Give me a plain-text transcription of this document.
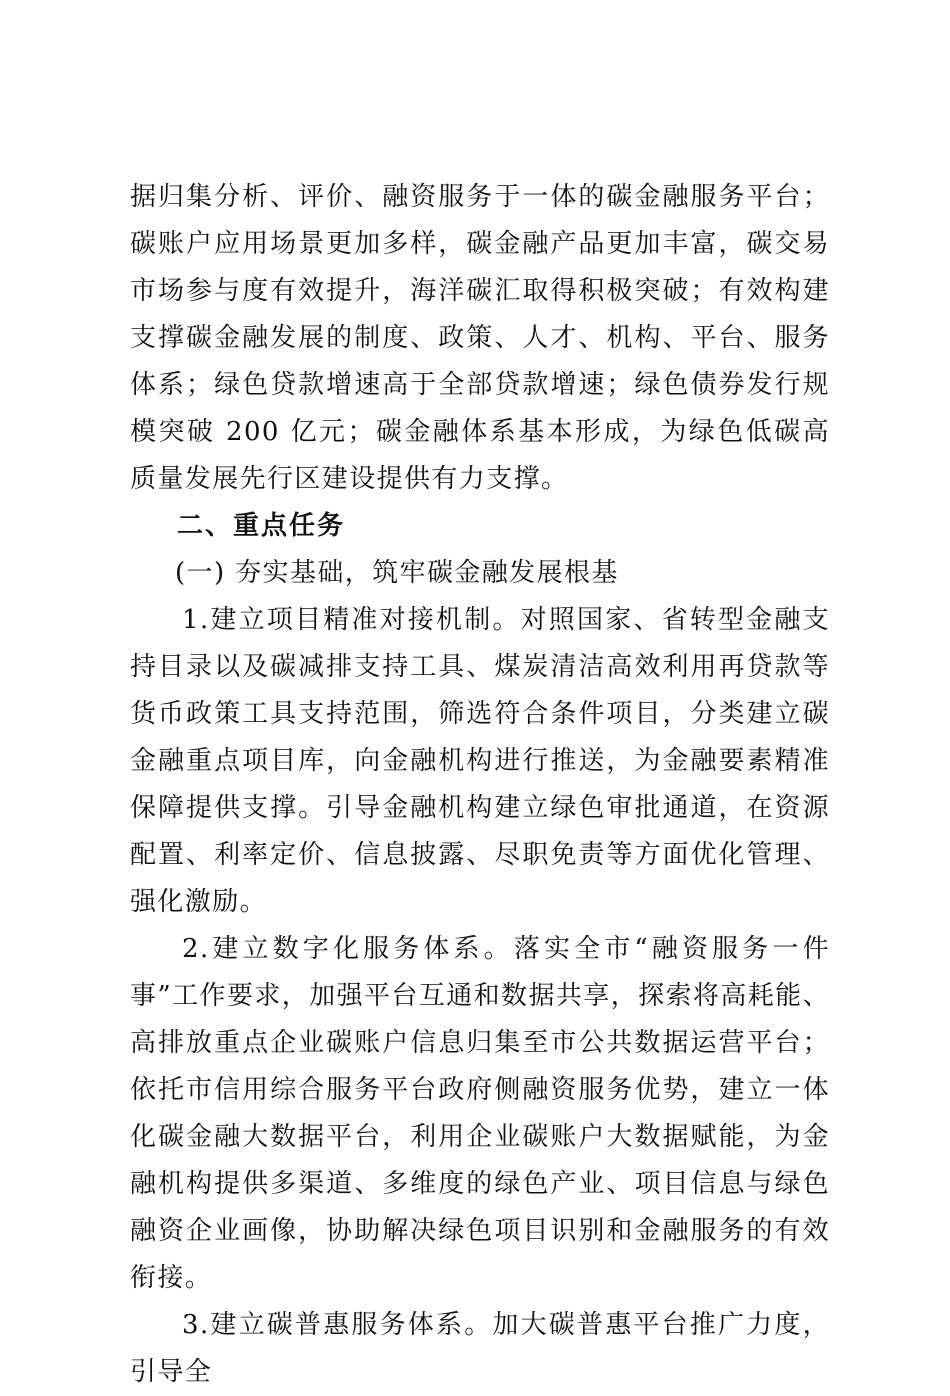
据归集分析、评价、融资服务于一体的碳金融服务平台；碳账户应用场景更加多样，碳金融产品更加丰富，碳交易市场参与度有效提升，海洋碳汇取得积极突破；有效构建支撑碳金融发展的制度、政策、人才、机构、平台、服务体系；绿色贷款增速高于全部贷款增速；绿色债券发行规模突破 200 亿元；碳金融体系基本形成，为绿色低碳高质量发展先行区建设提供有力支撑。

二、重点任务

(一) 夯实基础，筑牢碳金融发展根基

1.建立项目精准对接机制。对照国家、省转型金融支持目录以及碳减排支持工具、煤炭清洁高效利用再贷款等货币政策工具支持范围，筛选符合条件项目，分类建立碳金融重点项目库，向金融机构进行推送，为金融要素精准保障提供支撑。引导金融机构建立绿色审批通道，在资源配置、利率定价、信息披露、尽职免责等方面优化管理、强化激励。

2.建立数字化服务体系。落实全市“融资服务一件事”工作要求，加强平台互通和数据共享，探索将高耗能、高排放重点企业碳账户信息归集至市公共数据运营平台；依托市信用综合服务平台政府侧融资服务优势，建立一体化碳金融大数据平台，利用企业碳账户大数据赋能，为金融机构提供多渠道、多维度的绿色产业、项目信息与绿色融资企业画像，协助解决绿色项目识别和金融服务的有效衔接。

3.建立碳普惠服务体系。加大碳普惠平台推广力度，引导全
